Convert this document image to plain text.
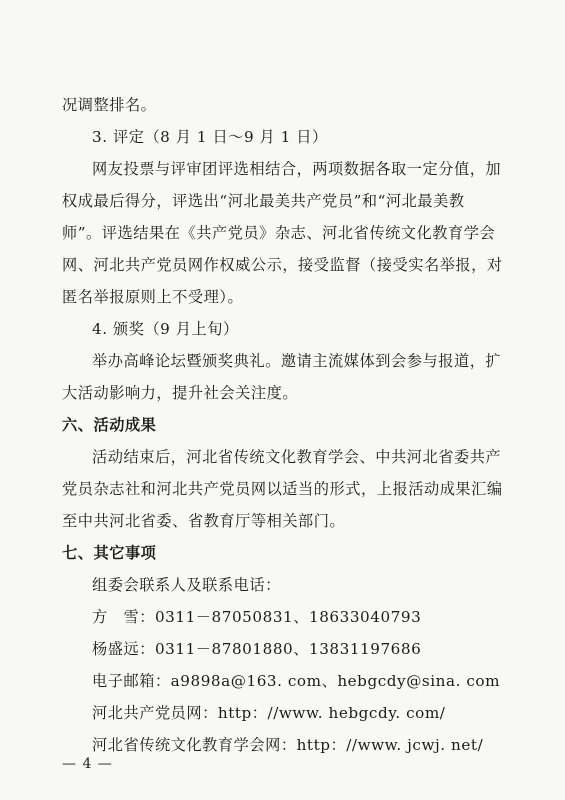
况调整排名。
3. 评定（8 月 1 日～9 月 1 日）
网友投票与评审团评选相结合，两项数据各取一定分值，加
权成最后得分，评选出“河北最美共产党员”和“河北最美教
师”。评选结果在《共产党员》杂志、河北省传统文化教育学会
网、河北共产党员网作权威公示，接受监督（接受实名举报，对
匿名举报原则上不受理）。
4. 颁奖（9 月上旬）
举办高峰论坛暨颁奖典礼。邀请主流媒体到会参与报道，扩
大活动影响力，提升社会关注度。
六、活动成果
活动结束后，河北省传统文化教育学会、中共河北省委共产
党员杂志社和河北共产党员网以适当的形式，上报活动成果汇编
至中共河北省委、省教育厅等相关部门。
七、其它事项
组委会联系人及联系电话：
方　雪：0311－87050831、18633040793
杨盛远：0311－87801880、13831197686
电子邮箱：a9898a@163. com、hebgcdy@sina. com
河北共产党员网：http：//www. hebgcdy. com/
河北省传统文化教育学会网：http：//www. jcwj. net/
— 4 —
